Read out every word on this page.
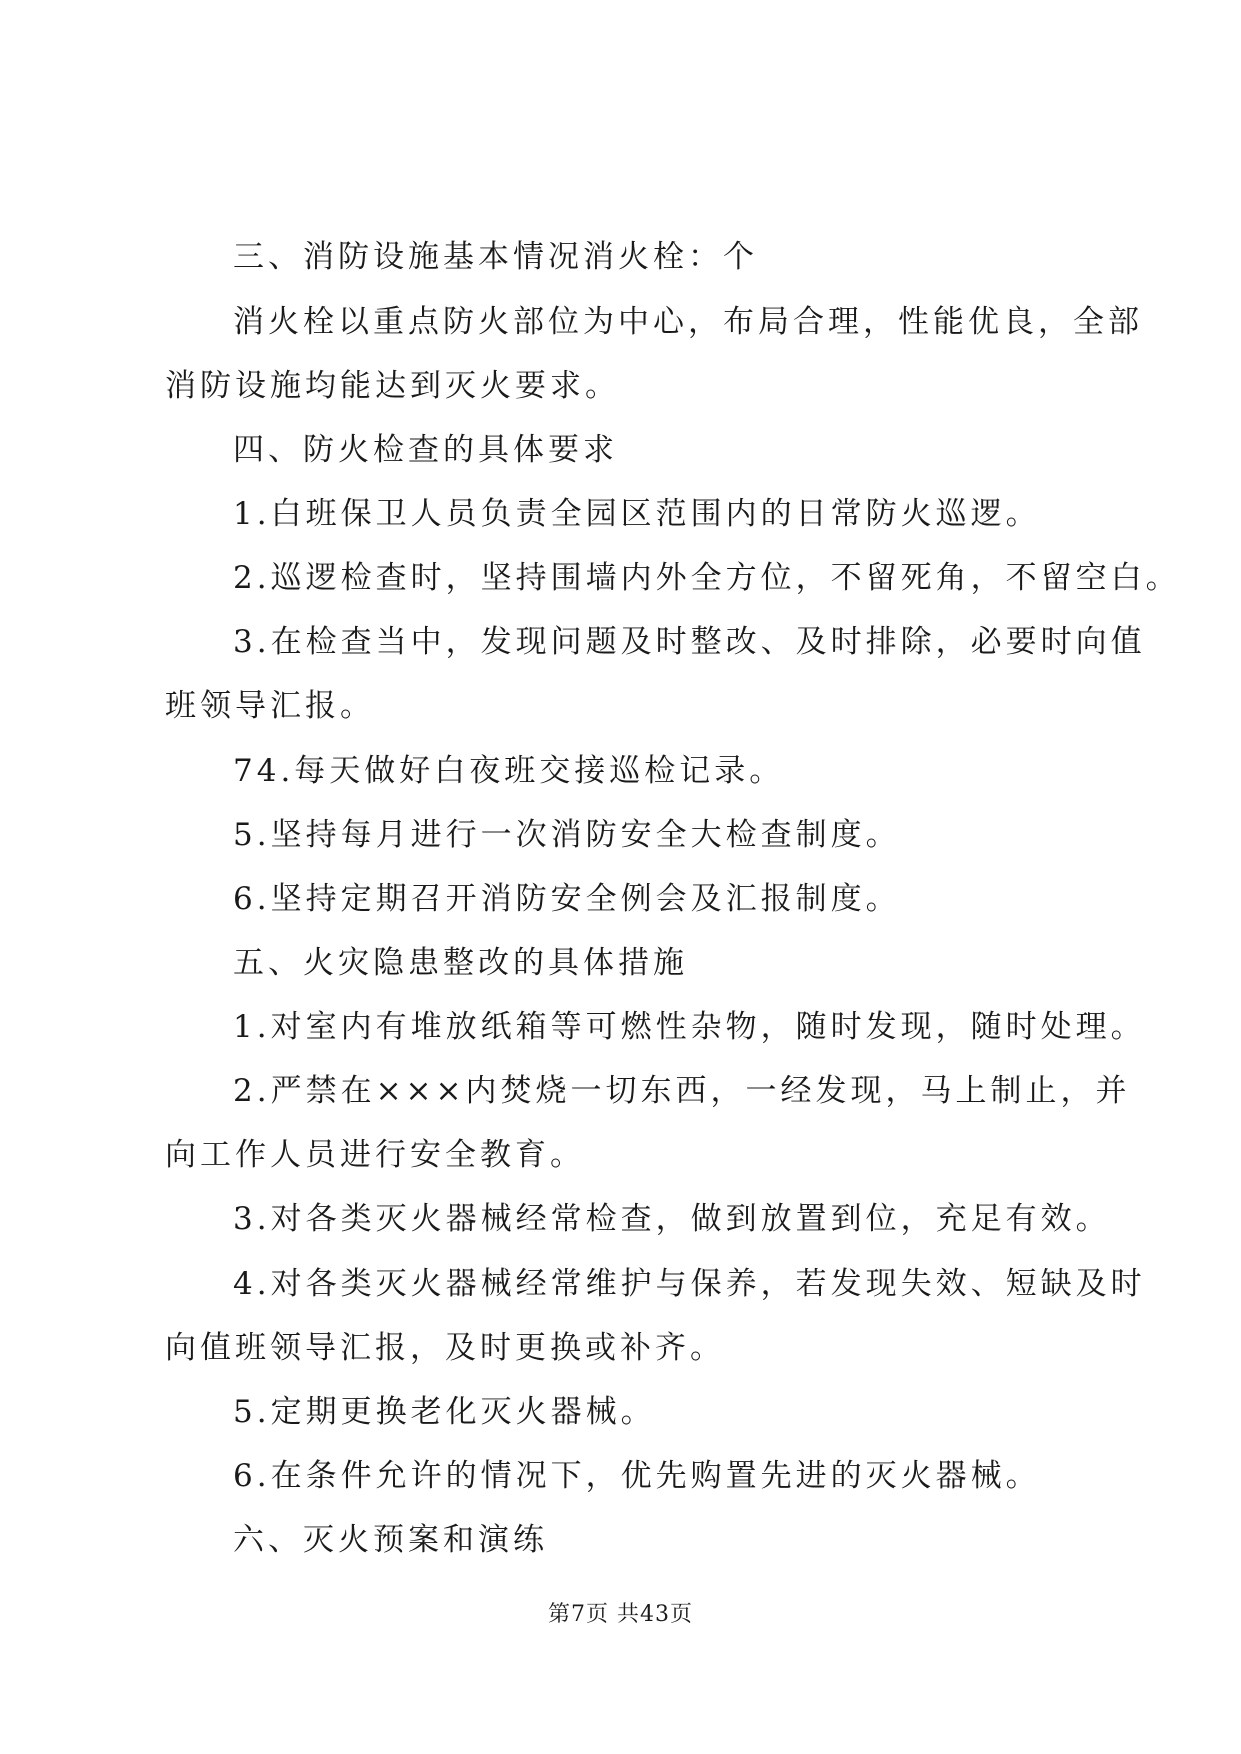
三、消防设施基本情况消火栓：个
消火栓以重点防火部位为中心，布局合理，性能优良，全部
消防设施均能达到灭火要求。
四、防火检查的具体要求
1.白班保卫人员负责全园区范围内的日常防火巡逻。
2.巡逻检查时，坚持围墙内外全方位，不留死角，不留空白。
3.在检查当中，发现问题及时整改、及时排除，必要时向值
班领导汇报。
74.每天做好白夜班交接巡检记录。
5.坚持每月进行一次消防安全大检查制度。
6.坚持定期召开消防安全例会及汇报制度。
五、火灾隐患整改的具体措施
1.对室内有堆放纸箱等可燃性杂物，随时发现，随时处理。
2.严禁在×××内焚烧一切东西，一经发现，马上制止，并
向工作人员进行安全教育。
3.对各类灭火器械经常检查，做到放置到位，充足有效。
4.对各类灭火器械经常维护与保养，若发现失效、短缺及时
向值班领导汇报，及时更换或补齐。
5.定期更换老化灭火器械。
6.在条件允许的情况下，优先购置先进的灭火器械。
六、灭火预案和演练
第7页 共43页
